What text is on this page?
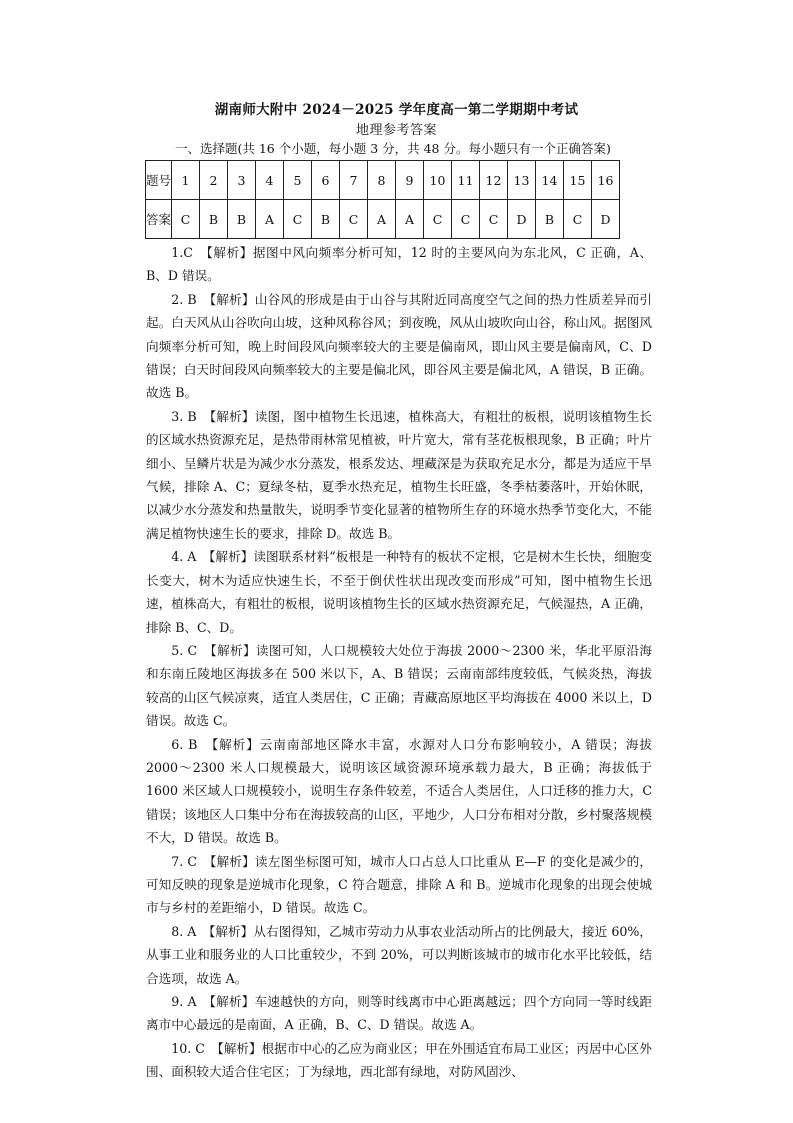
湖南师大附中 2024－2025 学年度高一第二学期期中考试
地理参考答案
一、选择题(共 16 个小题，每小题 3 分，共 48 分。每小题只有一个正确答案)
题号	1	2	3	4	5	6	7	8	9	10	11	12	13	14	15	16
答案	C	B	B	A	C	B	C	A	A	C	C	C	D	B	C	D

1.C　【解析】据图中风向频率分析可知，12 时的主要风向为东北风，C 正确，A、B、D 错误。

2. B　【解析】山谷风的形成是由于山谷与其附近同高度空气之间的热力性质差异而引起。白天风从山谷吹向山坡，这种风称谷风；到夜晚，风从山坡吹向山谷，称山风。据图风向频率分析可知，晚上时间段风向频率较大的主要是偏南风，即山风主要是偏南风，C、D 错误；白天时间段风向频率较大的主要是偏北风，即谷风主要是偏北风，A 错误，B 正确。故选 B。

3. B　【解析】读图，图中植物生长迅速，植株高大，有粗壮的板根，说明该植物生长的区域水热资源充足，是热带雨林常见植被，叶片宽大，常有茎花板根现象，B 正确；叶片细小、呈鳞片状是为减少水分蒸发，根系发达、埋藏深是为获取充足水分，都是为适应干旱气候，排除 A、C；夏绿冬枯，夏季水热充足，植物生长旺盛，冬季枯萎落叶，开始休眠，以减少水分蒸发和热量散失，说明季节变化显著的植物所生存的环境水热季节变化大，不能满足植物快速生长的要求，排除 D。故选 B。

4. A　【解析】读图联系材料“板根是一种特有的板状不定根，它是树木生长快，细胞变长变大，树木为适应快速生长，不至于倒伏性状出现改变而形成”可知，图中植物生长迅速，植株高大，有粗壮的板根，说明该植物生长的区域水热资源充足，气候湿热，A 正确，排除 B、C、D。

5. C　【解析】读图可知，人口规模较大处位于海拔 2000～2300 米，华北平原沿海和东南丘陵地区海拔多在 500 米以下，A、B 错误；云南南部纬度较低，气候炎热，海拔较高的山区气候凉爽，适宜人类居住，C 正确；青藏高原地区平均海拔在 4000 米以上，D 错误。故选 C。

6. B　【解析】云南南部地区降水丰富，水源对人口分布影响较小，A 错误；海拔 2000～2300 米人口规模最大，说明该区域资源环境承载力最大，B 正确；海拔低于 1600 米区域人口规模较小，说明生存条件较差，不适合人类居住，人口迁移的推力大，C 错误；该地区人口集中分布在海拔较高的山区，平地少，人口分布相对分散，乡村聚落规模不大，D 错误。故选 B。

7. C　【解析】读左图坐标图可知，城市人口占总人口比重从 E—F 的变化是减少的，可知反映的现象是逆城市化现象，C 符合题意，排除 A 和 B。逆城市化现象的出现会使城市与乡村的差距缩小，D 错误。故选 C。

8. A　【解析】从右图得知，乙城市劳动力从事农业活动所占的比例最大，接近 60%，从事工业和服务业的人口比重较少，不到 20%，可以判断该城市的城市化水平比较低，结合选项，故选 A。

9. A　【解析】车速越快的方向，则等时线离市中心距离越远；四个方向同一等时线距离市中心最远的是南面，A 正确，B、C、D 错误。故选 A。

10. C　【解析】根据市中心的乙应为商业区；甲在外围适宜布局工业区；丙居中心区外围、面积较大适合住宅区；丁为绿地，西北部有绿地，对防风固沙、
